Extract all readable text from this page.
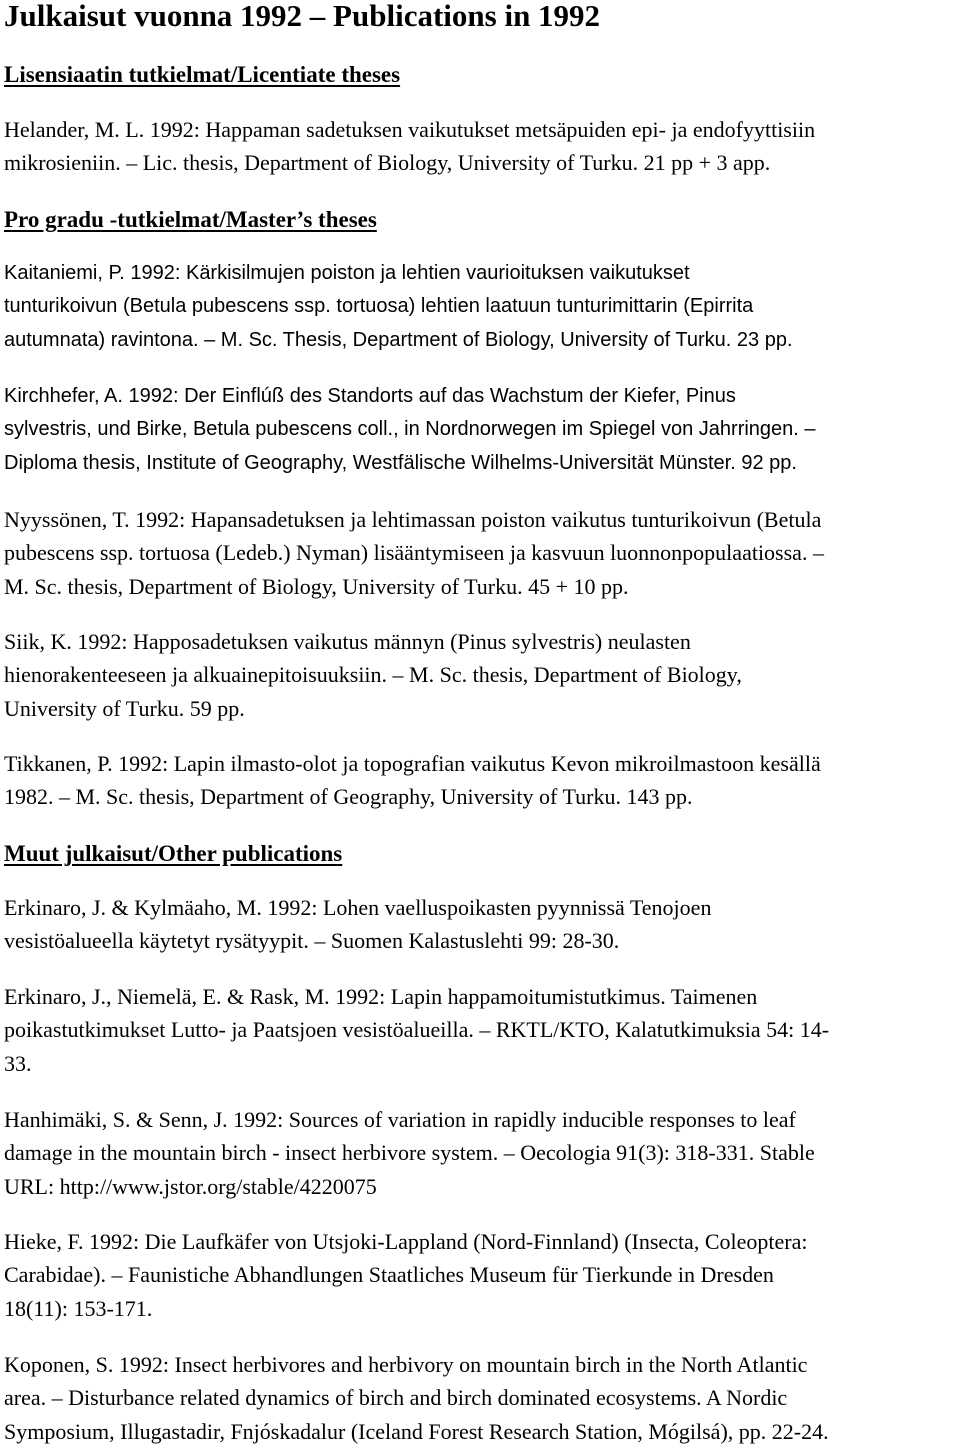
Julkaisut vuonna 1992 – Publications in 1992
Lisensiaatin tutkielmat/Licentiate theses

Helander, M. L. 1992: Happaman sadetuksen vaikutukset metsäpuiden epi- ja endofyyttisiin
mikrosieniin. – Lic. thesis, Department of Biology, University of Turku. 21 pp + 3 app.

Pro gradu -tutkielmat/Master’s theses

Kaitaniemi, P. 1992: Kärkisilmujen poiston ja lehtien vaurioituksen vaikutukset
tunturikoivun (Betula pubescens ssp. tortuosa) lehtien laatuun tunturimittarin (Epirrita
autumnata) ravintona. – M. Sc. Thesis, Department of Biology, University of Turku. 23 pp.

Kirchhefer, A. 1992: Der Einflúß des Standorts auf das Wachstum der Kiefer, Pinus
sylvestris, und Birke, Betula pubescens coll., in Nordnorwegen im Spiegel von Jahrringen. –
Diploma thesis, Institute of Geography, Westfälische Wilhelms-Universität Münster. 92 pp.

Nyyssönen, T. 1992: Hapansadetuksen ja lehtimassan poiston vaikutus tunturikoivun (Betula
pubescens ssp. tortuosa (Ledeb.) Nyman) lisääntymiseen ja kasvuun luonnonpopulaatiossa. –
M. Sc. thesis, Department of Biology, University of Turku. 45 + 10 pp.

Siik, K. 1992: Happosadetuksen vaikutus männyn (Pinus sylvestris) neulasten
hienorakenteeseen ja alkuainepitoisuuksiin. – M. Sc. thesis, Department of Biology,
University of Turku. 59 pp.

Tikkanen, P. 1992: Lapin ilmasto-olot ja topografian vaikutus Kevon mikroilmastoon kesällä
1982. – M. Sc. thesis, Department of Geography, University of Turku. 143 pp.

Muut julkaisut/Other publications

Erkinaro, J. & Kylmäaho, M. 1992: Lohen vaelluspoikasten pyynnissä Tenojoen
vesistöalueella käytetyt rysätyypit. – Suomen Kalastuslehti 99: 28-30.

Erkinaro, J., Niemelä, E. & Rask, M. 1992: Lapin happamoitumistutkimus. Taimenen
poikastutkimukset Lutto- ja Paatsjoen vesistöalueilla. – RKTL/KTO, Kalatutkimuksia 54: 14-
33.

Hanhimäki, S. & Senn, J. 1992: Sources of variation in rapidly inducible responses to leaf
damage in the mountain birch - insect herbivore system. – Oecologia 91(3): 318-331. Stable
URL: http://www.jstor.org/stable/4220075

Hieke, F. 1992: Die Laufkäfer von Utsjoki-Lappland (Nord-Finnland) (Insecta, Coleoptera:
Carabidae). – Faunistiche Abhandlungen Staatliches Museum für Tierkunde in Dresden
18(11): 153-171.

Koponen, S. 1992: Insect herbivores and herbivory on mountain birch in the North Atlantic
area. – Disturbance related dynamics of birch and birch dominated ecosystems. A Nordic
Symposium, Illugastadir, Fnjóskadalur (Iceland Forest Research Station, Mógilsá), pp. 22-24.
